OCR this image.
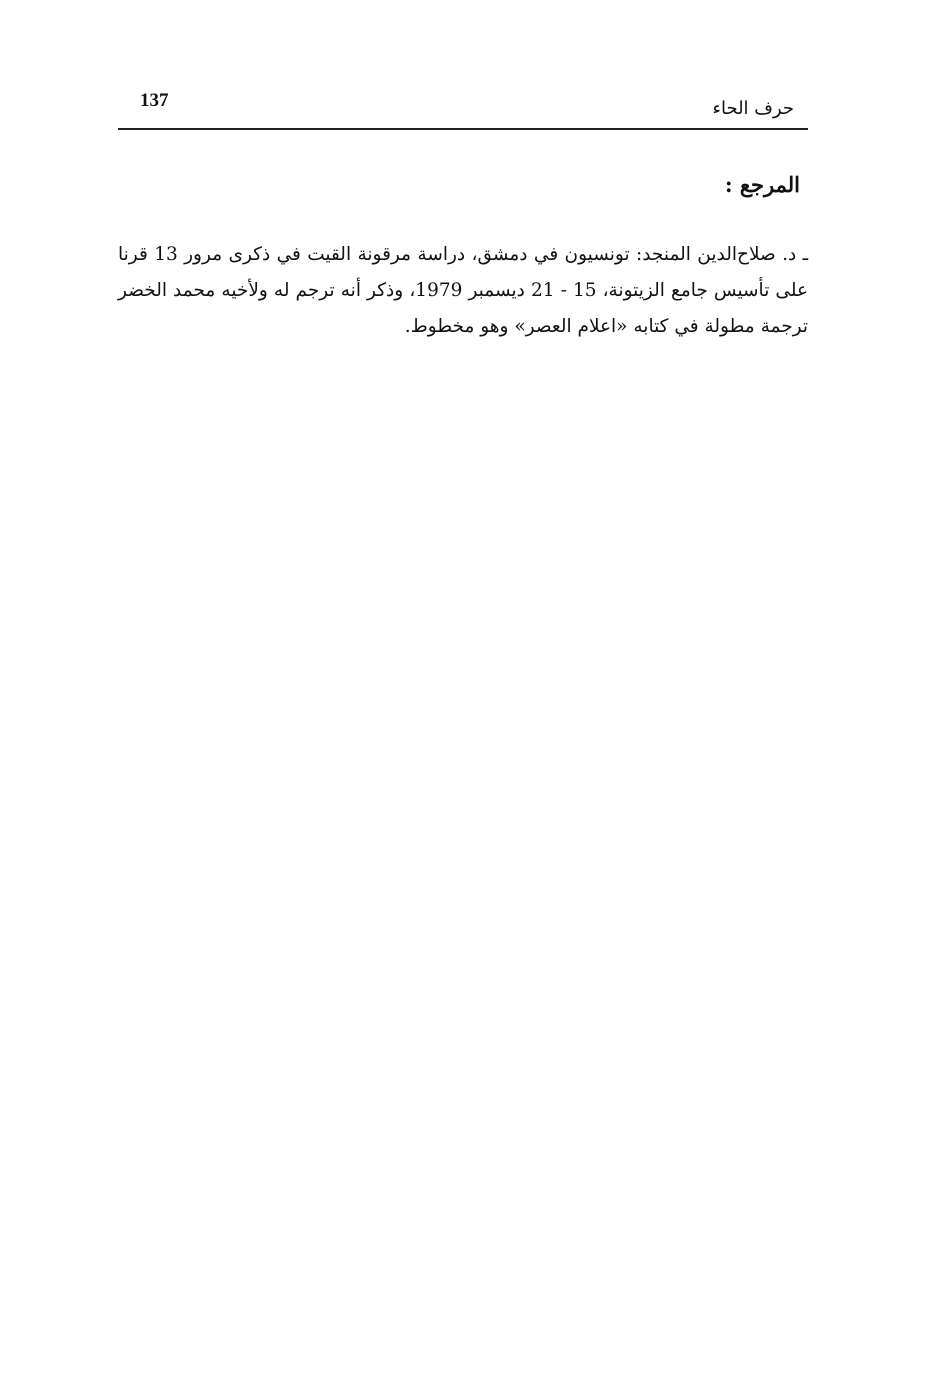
137	حرف الحاء
المرجع :

ـ د. صلاح‌الدين المنجد: تونسيون في دمشق، دراسة مرقونة القيت في ذكرى مرور 13 قرنا على تأسيس جامع الزيتونة، 15 - 21 ديسمبر 1979، وذكر أنه ترجم له ولأخيه محمد الخضر ترجمة مطولة في كتابه «اعلام العصر» وهو مخطوط.
